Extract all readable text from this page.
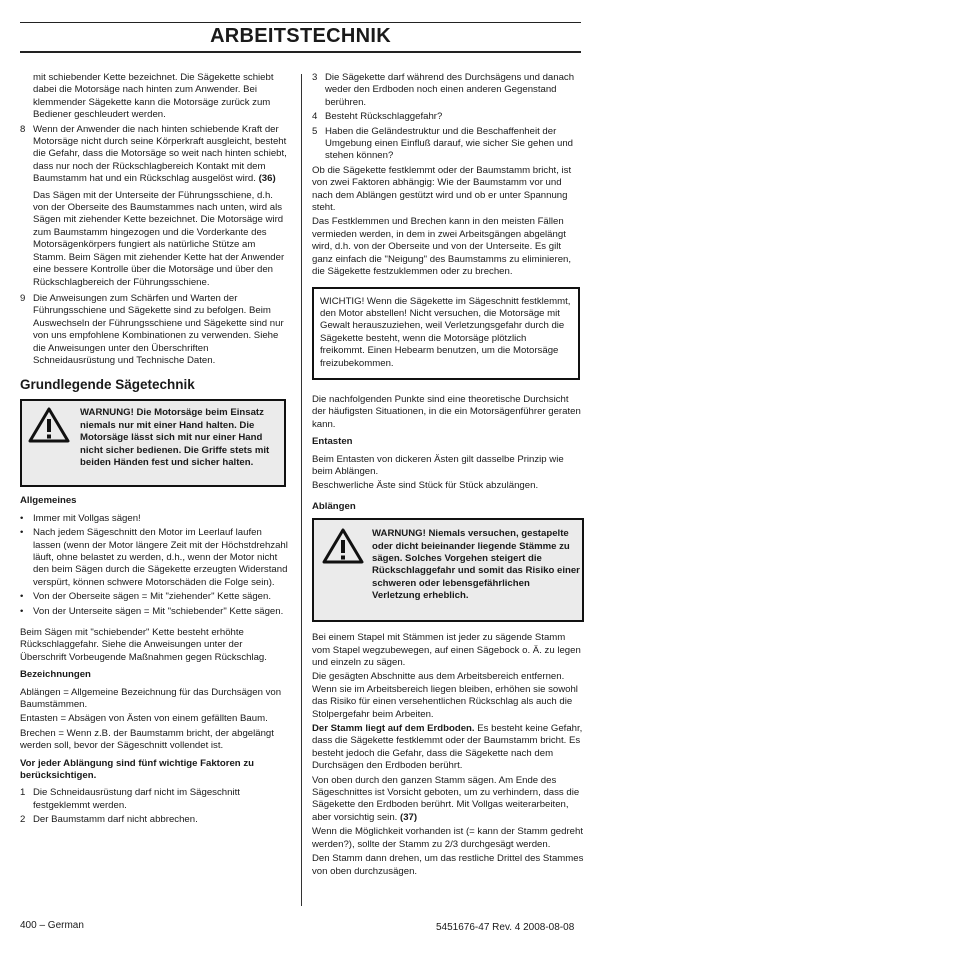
ARBEITSTECHNIK

mit schiebender Kette bezeichnet. Die Sägekette schiebt dabei die Motorsäge nach hinten zum Anwender. Bei klemmender Sägekette kann die Motorsäge zurück zum Bediener geschleudert werden.

8 Wenn der Anwender die nach hinten schiebende Kraft der Motorsäge nicht durch seine Körperkraft ausgleicht, besteht die Gefahr, dass die Motorsäge so weit nach hinten schiebt, dass nur noch der Rückschlagbereich Kontakt mit dem Baumstamm hat und ein Rückschlag ausgelöst wird. (36)

Das Sägen mit der Unterseite der Führungsschiene, d.h. von der Oberseite des Baumstammes nach unten, wird als Sägen mit ziehender Kette bezeichnet. Die Motorsäge wird zum Baumstamm hingezogen und die Vorderkante des Motorsägenkörpers fungiert als natürliche Stütze am Stamm. Beim Sägen mit ziehender Kette hat der Anwender eine bessere Kontrolle über die Motorsäge und über den Rückschlagbereich der Führungsschiene.

9 Die Anweisungen zum Schärfen und Warten der Führungsschiene und Sägekette sind zu befolgen. Beim Auswechseln der Führungsschiene und Sägekette sind nur von uns empfohlene Kombinationen zu verwenden. Siehe die Anweisungen unter den Überschriften Schneidausrüstung und Technische Daten.
Grundlegende Sägetechnik
WARNUNG! Die Motorsäge beim Einsatz niemals nur mit einer Hand halten. Die Motorsäge lässt sich mit nur einer Hand nicht sicher bedienen. Die Griffe stets mit beiden Händen fest und sicher halten.

Allgemeines

• Immer mit Vollgas sägen!
• Nach jedem Sägeschnitt den Motor im Leerlauf laufen lassen (wenn der Motor längere Zeit mit der Höchstdrehzahl läuft, ohne belastet zu werden, d.h., wenn der Motor nicht den beim Sägen durch die Sägekette erzeugten Widerstand verspürt, können schwere Motorschäden die Folge sein).
• Von der Oberseite sägen = Mit "ziehender" Kette sägen.
• Von der Unterseite sägen = Mit "schiebender" Kette sägen.

Beim Sägen mit "schiebender" Kette besteht erhöhte Rückschlaggefahr. Siehe die Anweisungen unter der Überschrift Vorbeugende Maßnahmen gegen Rückschlag.

Bezeichnungen

Ablängen = Allgemeine Bezeichnung für das Durchsägen von Baumstämmen.

Entasten = Absägen von Ästen von einem gefällten Baum.

Brechen = Wenn z.B. der Baumstamm bricht, der abgelängt werden soll, bevor der Sägeschnitt vollendet ist.

Vor jeder Ablängung sind fünf wichtige Faktoren zu berücksichtigen.

1 Die Schneidausrüstung darf nicht im Sägeschnitt festgeklemmt werden.
2 Der Baumstamm darf nicht abbrechen.
3 Die Sägekette darf während des Durchsägens und danach weder den Erdboden noch einen anderen Gegenstand berühren.
4 Besteht Rückschlaggefahr?
5 Haben die Geländestruktur und die Beschaffenheit der Umgebung einen Einfluß darauf, wie sicher Sie gehen und stehen können?

Ob die Sägekette festklemmt oder der Baumstamm bricht, ist von zwei Faktoren abhängig: Wie der Baumstamm vor und nach dem Ablängen gestützt wird und ob er unter Spannung steht.

Das Festklemmen und Brechen kann in den meisten Fällen vermieden werden, in dem in zwei Arbeitsgängen abgelängt wird, d.h. von der Oberseite und von der Unterseite. Es gilt ganz einfach die "Neigung" des Baumstamms zu eliminieren, die Sägekette festzuklemmen oder zu brechen.

WICHTIG! Wenn die Sägekette im Sägeschnitt festklemmt, den Motor abstellen! Nicht versuchen, die Motorsäge mit Gewalt herauszuziehen, weil Verletzungsgefahr durch die Sägekette besteht, wenn die Motorsäge plötzlich freikommt. Einen Hebearm benutzen, um die Motorsäge freizubekommen.

Die nachfolgenden Punkte sind eine theoretische Durchsicht der häufigsten Situationen, in die ein Motorsägenführer geraten kann.

Entasten

Beim Entasten von dickeren Ästen gilt dasselbe Prinzip wie beim Ablängen.

Beschwerliche Äste sind Stück für Stück abzulängen.

Ablängen

WARNUNG! Niemals versuchen, gestapelte oder dicht beieinander liegende Stämme zu sägen. Solches Vorgehen steigert die Rückschlaggefahr und somit das Risiko einer schweren oder lebensgefährlichen Verletzung erheblich.

Bei einem Stapel mit Stämmen ist jeder zu sägende Stamm vom Stapel wegzubewegen, auf einen Sägebock o. Ä. zu legen und einzeln zu sägen.

Die gesägten Abschnitte aus dem Arbeitsbereich entfernen. Wenn sie im Arbeitsbereich liegen bleiben, erhöhen sie sowohl das Risiko für einen versehentlichen Rückschlag als auch die Stolpergefahr beim Arbeiten.

Der Stamm liegt auf dem Erdboden. Es besteht keine Gefahr, dass die Sägekette festklemmt oder der Baumstamm bricht. Es besteht jedoch die Gefahr, dass die Sägekette nach dem Durchsägen den Erdboden berührt.

Von oben durch den ganzen Stamm sägen. Am Ende des Sägeschnittes ist Vorsicht geboten, um zu verhindern, dass die Sägekette den Erdboden berührt. Mit Vollgas weiterarbeiten, aber vorsichtig sein. (37)

Wenn die Möglichkeit vorhanden ist (= kann der Stamm gedreht werden?), sollte der Stamm zu 2/3 durchgesägt werden.

Den Stamm dann drehen, um das restliche Drittel des Stammes von oben durchzusägen.

400 – German	5451676-47 Rev. 4 2008-08-08
